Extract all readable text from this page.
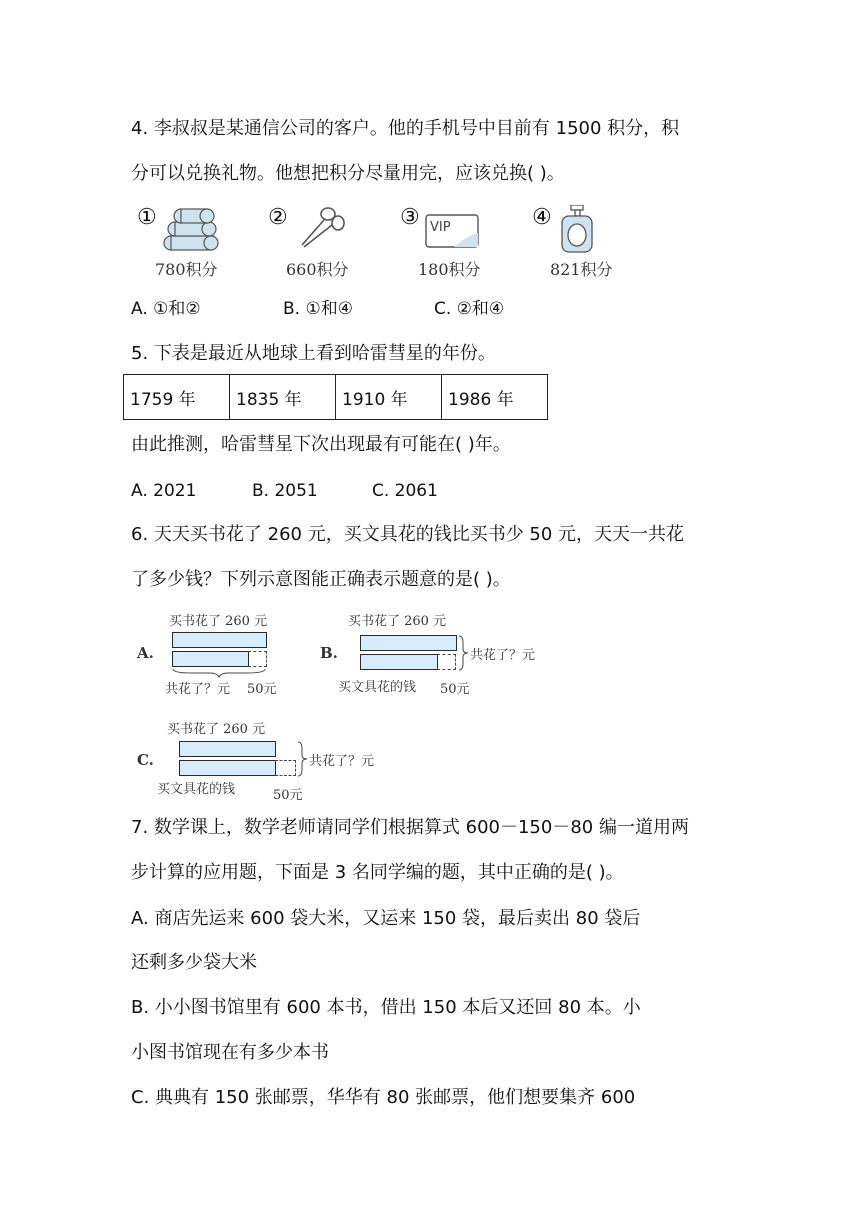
4. 李叔叔是某通信公司的客户。他的手机号中目前有 1500 积分，积
分可以兑换礼物。他想把积分尽量用完，应该兑换( )。
①
780积分
②
660积分
③ VIP
180积分
④
821积分
A. ①和②	B. ①和④	C. ②和④
5. 下表是最近从地球上看到哈雷彗星的年份。
1759 年	1835 年	1910 年	1986 年
由此推测，哈雷彗星下次出现最有可能在( )年。
A. 2021	B. 2051	C. 2061
6. 天天买书花了 260 元，买文具花的钱比买书少 50 元，天天一共花
了多少钱？下列示意图能正确表示题意的是( )。
A.
买书花了 260 元
共花了？元 50元
B.
买书花了 260 元
共花了？元
买文具花的钱 50元
C.
买书花了 260 元
共花了？元
买文具花的钱	50元
7. 数学课上，数学老师请同学们根据算式 600－150－80 编一道用两
步计算的应用题，下面是 3 名同学编的题，其中正确的是( )。
A. 商店先运来 600 袋大米，又运来 150 袋，最后卖出 80 袋后
还剩多少袋大米
B. 小小图书馆里有 600 本书，借出 150 本后又还回 80 本。小
小图书馆现在有多少本书
C. 典典有 150 张邮票，华华有 80 张邮票，他们想要集齐 600
